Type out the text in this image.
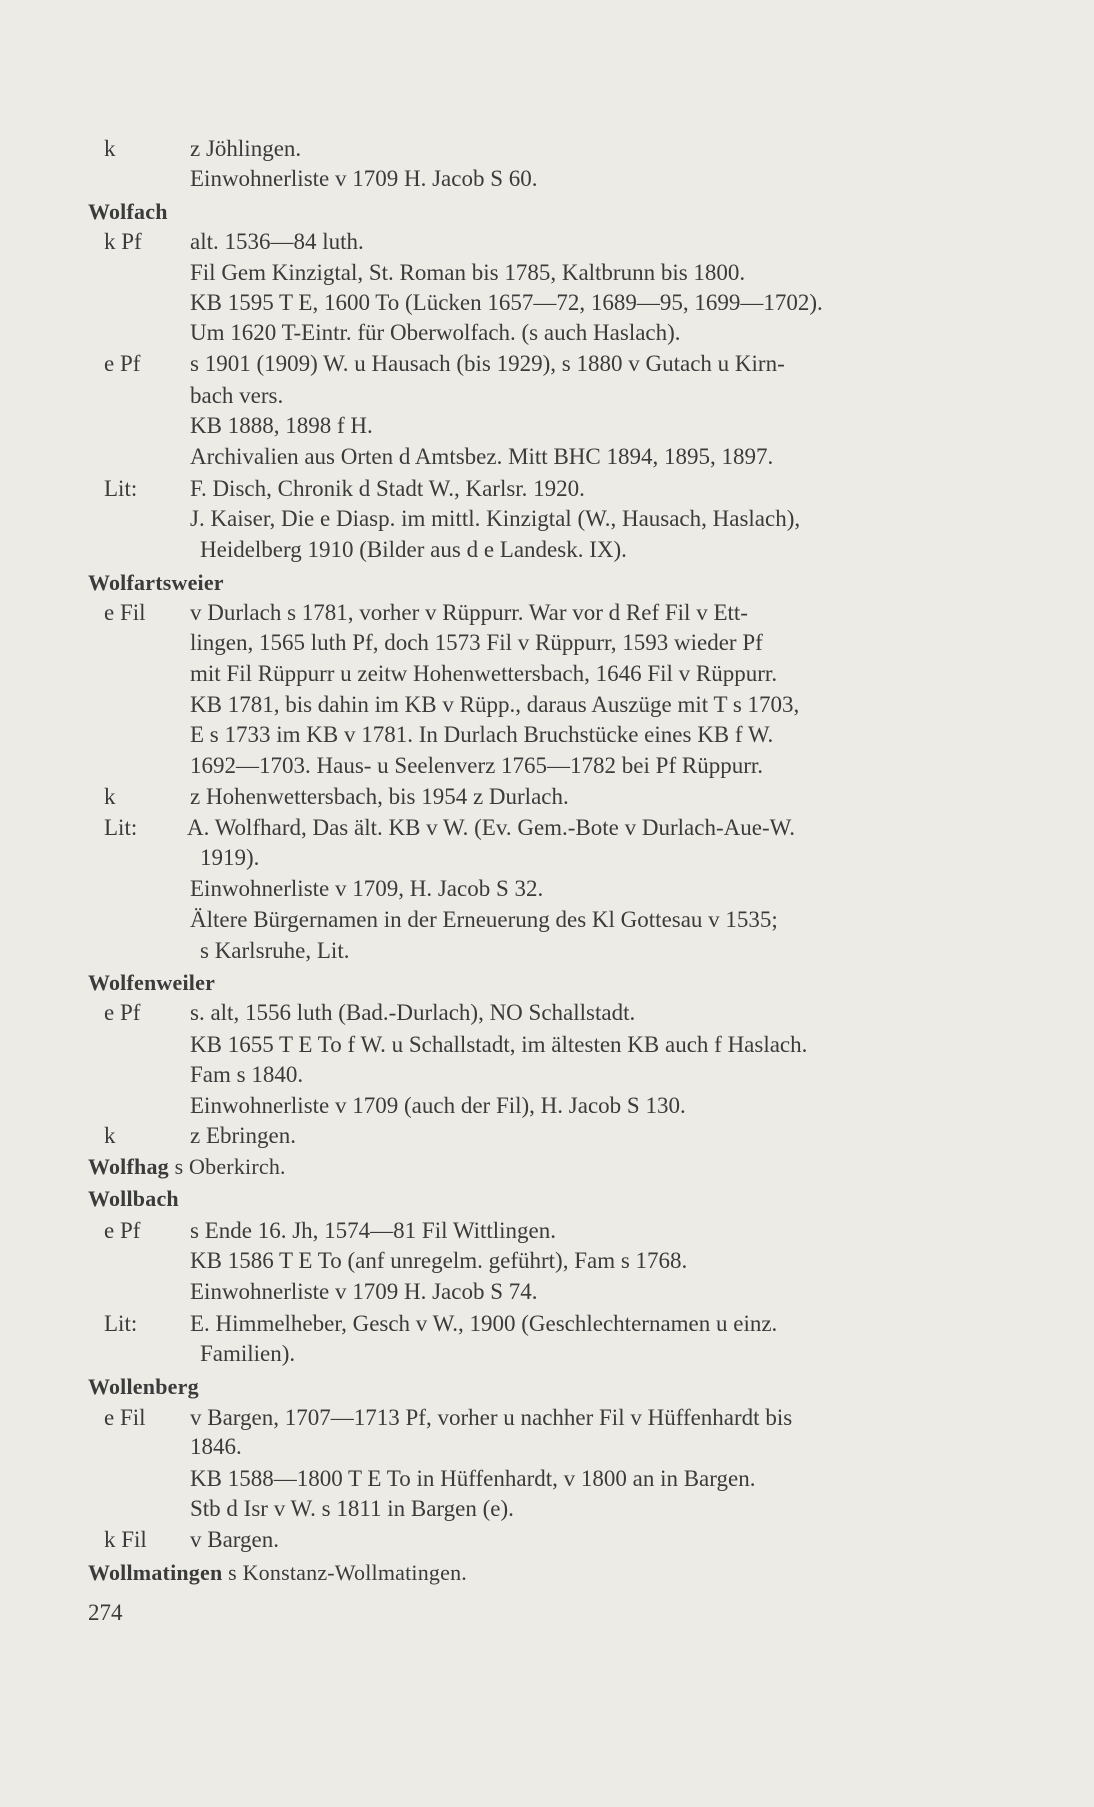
k	z Jöhlingen.
Einwohnerliste v 1709 H. Jacob S 60.
Wolfach
k Pf alt. 1536—84 luth.
Fil Gem Kinzigtal, St. Roman bis 1785, Kaltbrunn bis 1800.
KB 1595 T E, 1600 To (Lücken 1657—72, 1689—95, 1699—1702).
Um 1620 T-Eintr. für Oberwolfach. (s auch Haslach).
e Pf s 1901 (1909) W. u Hausach (bis 1929), s 1880 v Gutach u Kirn-
bach vers.
KB 1888, 1898 f H.
Archivalien aus Orten d Amtsbez. Mitt BHC 1894, 1895, 1897.
Lit: F. Disch, Chronik d Stadt W., Karlsr. 1920.
J. Kaiser, Die e Diasp. im mittl. Kinzigtal (W., Hausach, Haslach),
Heidelberg 1910 (Bilder aus d e Landesk. IX).
Wolfartsweier
e Fil v Durlach s 1781, vorher v Rüppurr. War vor d Ref Fil v Ett-
lingen, 1565 luth Pf, doch 1573 Fil v Rüppurr, 1593 wieder Pf
mit Fil Rüppurr u zeitw Hohenwettersbach, 1646 Fil v Rüppurr.
KB 1781, bis dahin im KB v Rüpp., daraus Auszüge mit T s 1703,
E s 1733 im KB v 1781. In Durlach Bruchstücke eines KB f W.
1692—1703. Haus- u Seelenverz 1765—1782 bei Pf Rüppurr.
k	z Hohenwettersbach, bis 1954 z Durlach.
Lit: A. Wolfhard, Das ält. KB v W. (Ev. Gem.-Bote v Durlach-Aue-W.
1919).
Einwohnerliste v 1709, H. Jacob S 32.
Ältere Bürgernamen in der Erneuerung des Kl Gottesau v 1535;
s Karlsruhe, Lit.
Wolfenweiler
e Pf s. alt, 1556 luth (Bad.-Durlach), NO Schallstadt.
KB 1655 T E To f W. u Schallstadt, im ältesten KB auch f Haslach.
Fam s 1840.
Einwohnerliste v 1709 (auch der Fil), H. Jacob S 130.
k	z Ebringen.
Wolfhag s Oberkirch.
Wollbach
e Pf s Ende 16. Jh, 1574—81 Fil Wittlingen.
KB 1586 T E To (anf unregelm. geführt), Fam s 1768.
Einwohnerliste v 1709 H. Jacob S 74.
Lit: E. Himmelheber, Gesch v W., 1900 (Geschlechternamen u einz.
Familien).
Wollenberg
e Fil v Bargen, 1707—1713 Pf, vorher u nachher Fil v Hüffenhardt bis
1846.
KB 1588—1800 T E To in Hüffenhardt, v 1800 an in Bargen.
Stb d Isr v W. s 1811 in Bargen (e).
k Fil v Bargen.
Wollmatingen s Konstanz-Wollmatingen.
274
